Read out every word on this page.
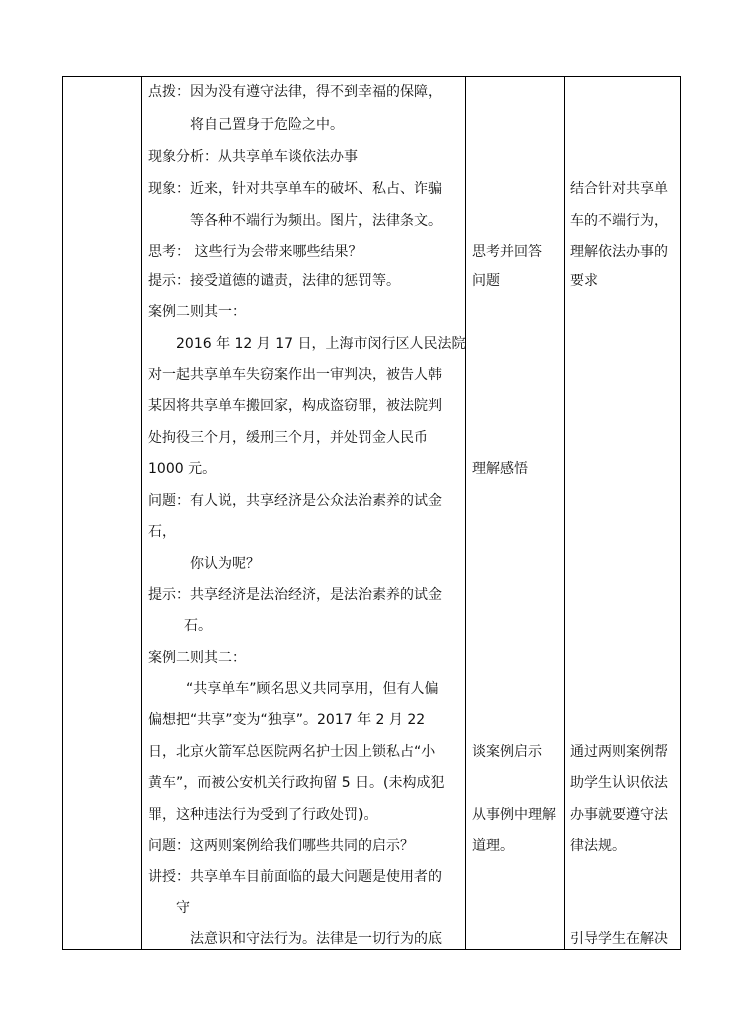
点拨：因为没有遵守法律，得不到幸福的保障，
将自己置身于危险之中。
现象分析：从共享单车谈依法办事
现象：近来，针对共享单车的破坏、私占、诈骗
等各种不端行为频出。图片，法律条文。
思考： 这些行为会带来哪些结果？
提示：接受道德的谴责，法律的惩罚等。
案例二则其一：
2016 年 12 月 17 日，上海市闵行区人民法院
对一起共享单车失窃案作出一审判决，被告人韩
某因将共享单车搬回家，构成盗窃罪，被法院判
处拘役三个月，缓刑三个月，并处罚金人民币
1000 元。
问题：有人说，共享经济是公众法治素养的试金
石，
你认为呢？
提示：共享经济是法治经济，是法治素养的试金
石。
案例二则其二：
“共享单车”顾名思义共同享用，但有人偏
偏想把“共享”变为“独享”。2017 年 2 月 22
日，北京火箭军总医院两名护士因上锁私占“小
黄车”，而被公安机关行政拘留 5 日。(未构成犯
罪，这种违法行为受到了行政处罚)。
问题：这两则案例给我们哪些共同的启示？
讲授：共享单车目前面临的最大问题是使用者的
守
法意识和守法行为。法律是一切行为的底
思考并回答
问题
理解感悟
谈案例启示
从事例中理解
道理。
结合针对共享单
车的不端行为，
理解依法办事的
要求
通过两则案例帮
助学生认识依法
办事就要遵守法
律法规。
引导学生在解决
